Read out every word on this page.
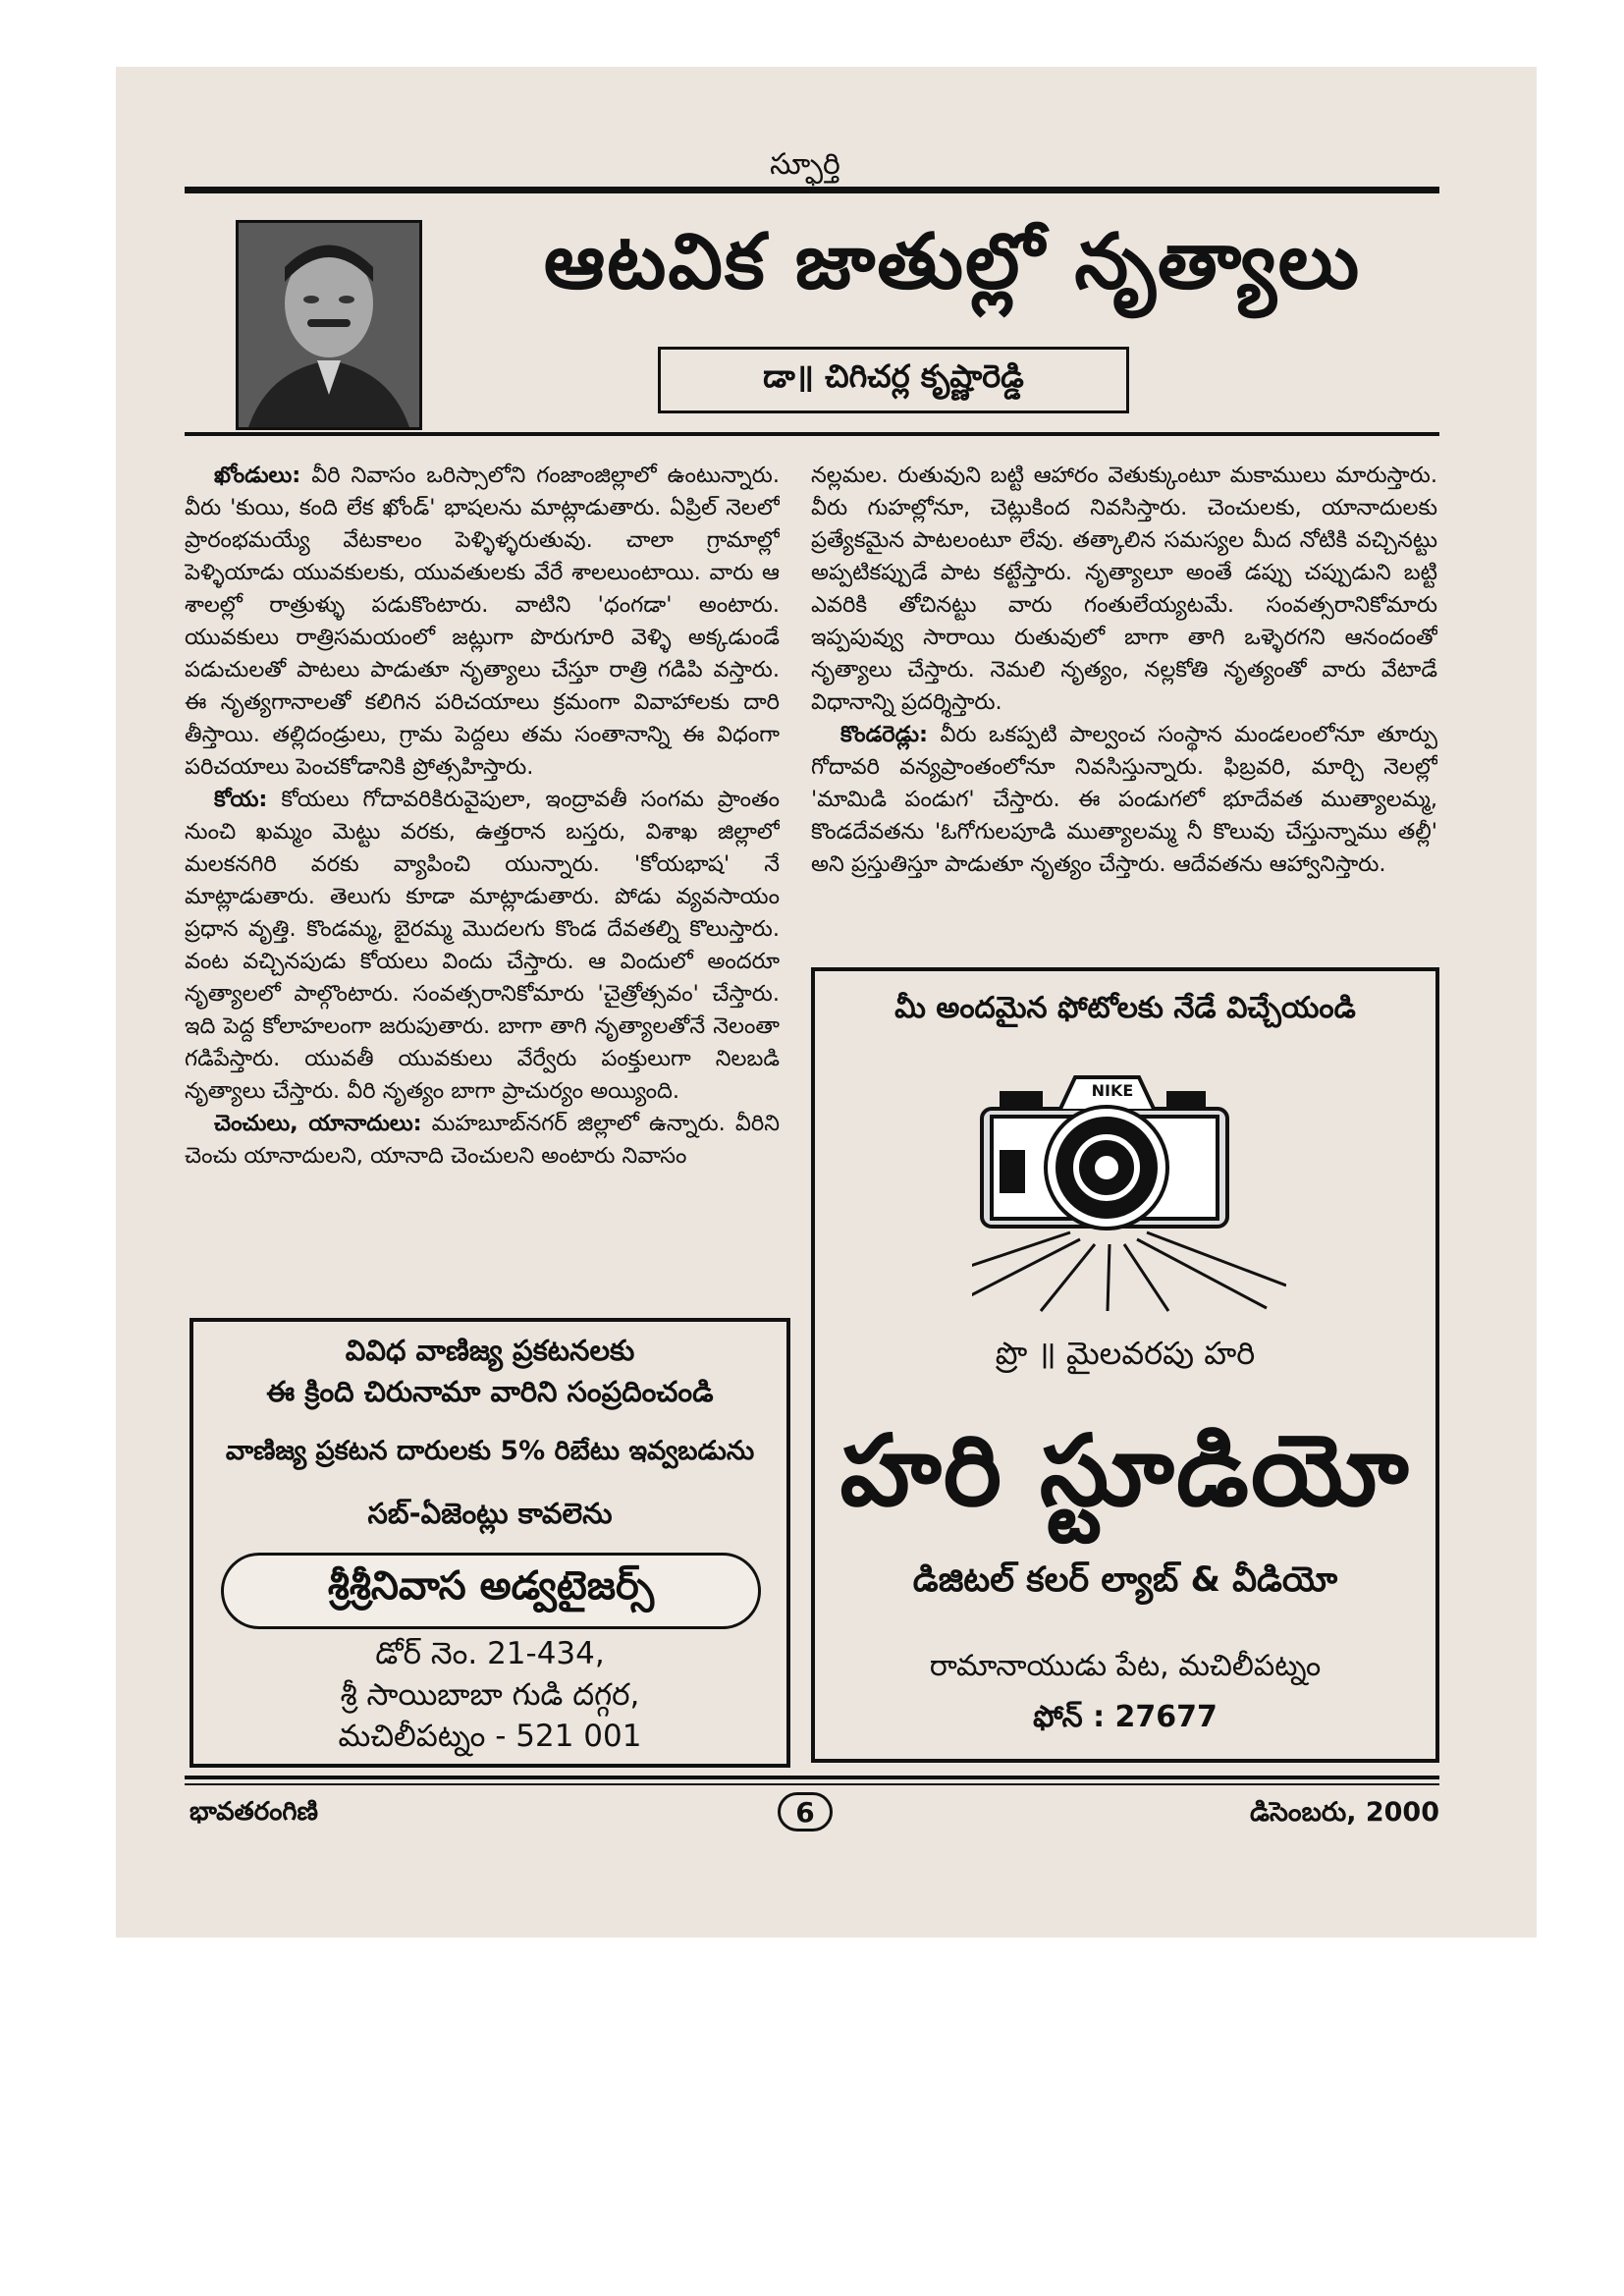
స్ఫూర్తి
ఆటవిక జాతుల్లో నృత్యాలు
డా॥ చిగిచర్ల కృష్ణారెడ్డి

ఖోండులు: వీరి నివాసం ఒరిస్సాలోని గంజాంజిల్లాలో ఉంటున్నారు. వీరు 'కుయి, కంది లేక ఖోండ్' భాషలను మాట్లాడుతారు. ఏప్రిల్ నెలలో ప్రారంభమయ్యే వేటకాలం పెళ్ళిళ్ళరుతువు. చాలా గ్రామాల్లో పెళ్ళియాడు యువకులకు, యువతులకు వేరే శాలలుంటాయి. వారు ఆ శాలల్లో రాత్రుళ్ళు పడుకొంటారు. వాటిని 'ధంగడా' అంటారు. యువకులు రాత్రిసమయంలో జట్లుగా పొరుగూరి వెళ్ళి అక్కడుండే పడుచులతో పాటలు పాడుతూ నృత్యాలు చేస్తూ రాత్రి గడిపి వస్తారు. ఈ నృత్యగానాలతో కలిగిన పరిచయాలు క్రమంగా వివాహాలకు దారి తీస్తాయి. తల్లిదండ్రులు, గ్రామ పెద్దలు తమ సంతానాన్ని ఈ విధంగా పరిచయాలు పెంచకోడానికి ప్రోత్సహిస్తారు.

కోయ: కోయలు గోదావరికిరువైపులా, ఇంద్రావతీ సంగమ ప్రాంతం నుంచి ఖమ్మం మెట్టు వరకు, ఉత్తరాన బస్తరు, విశాఖ జిల్లాలో మలకనగిరి వరకు వ్యాపించి యున్నారు. 'కోయభాష' నే మాట్లాడుతారు. తెలుగు కూడా మాట్లాడుతారు. పోడు వ్యవసాయం ప్రధాన వృత్తి. కొండమ్మ, బైరమ్మ మొదలగు కొండ దేవతల్ని కొలుస్తారు. వంట వచ్చినపుడు కోయలు విందు చేస్తారు. ఆ విందులో అందరూ నృత్యాలలో పాల్గొంటారు. సంవత్సరానికోమారు 'చైత్రోత్సవం' చేస్తారు. ఇది పెద్ద కోలాహలంగా జరుపుతారు. బాగా తాగి నృత్యాలతోనే నెలంతా గడిపేస్తారు. యువతీ యువకులు వేర్వేరు పంక్తులుగా నిలబడి నృత్యాలు చేస్తారు. వీరి నృత్యం బాగా ప్రాచుర్యం అయ్యింది.

చెంచులు, యానాదులు: మహబూబ్‌నగర్ జిల్లాలో ఉన్నారు. వీరిని చెంచు యానాదులని, యానాది చెంచులని అంటారు నివాసం

నల్లమల. రుతువుని బట్టి ఆహారం వెతుక్కుంటూ మకాములు మారుస్తారు. వీరు గుహల్లోనూ, చెట్లుకింద నివసిస్తారు. చెంచులకు, యానాదులకు ప్రత్యేకమైన పాటలంటూ లేవు. తత్కాలిన సమస్యల మీద నోటికి వచ్చినట్టు అప్పటికప్పుడే పాట కట్టేస్తారు. నృత్యాలూ అంతే డప్పు చప్పుడుని బట్టి ఎవరికి తోచినట్టు వారు గంతులేయ్యటమే. సంవత్సరానికోమారు ఇప్పపువ్వు సారాయి రుతువులో బాగా తాగి ఒళ్ళెరగని ఆనందంతో నృత్యాలు చేస్తారు. నెమలి నృత్యం, నల్లకోతి నృత్యంతో వారు వేటాడే విధానాన్ని ప్రదర్శిస్తారు.

కొండరెడ్లు: వీరు ఒకప్పటి పాల్వంచ సంస్థాన మండలంలోనూ తూర్పు గోదావరి వన్యప్రాంతంలోనూ నివసిస్తున్నారు. ఫిబ్రవరి, మార్చి నెలల్లో 'మామిడి పండుగ' చేస్తారు. ఈ పండుగలో భూదేవత ముత్యాలమ్మ, కొండదేవతను 'ఓగోగులపూడి ముత్యాలమ్మ నీ కొలువు చేస్తున్నాము తల్లీ' అని ప్రస్తుతిస్తూ పాడుతూ నృత్యం చేస్తారు. ఆదేవతను ఆహ్వానిస్తారు.

వివిధ వాణిజ్య ప్రకటనలకు
ఈ క్రింది చిరునామా వారిని సంప్రదించండి
వాణిజ్య ప్రకటన దారులకు 5% రిబేటు ఇవ్వబడును
సబ్-ఏజెంట్లు కావలెను
శ్రీశ్రీనివాస అడ్వటైజర్స్
డోర్ నెం. 21-434,
శ్రీ సాయిబాబా గుడి దగ్గర,
మచిలీపట్నం - 521 001
మీ అందమైన ఫోటోలకు నేడే విచ్చేయండి
NIKE
ప్రొ ॥ మైలవరపు హరి
హరి స్టూడియో
డిజిటల్ కలర్ ల్యాబ్ & వీడియో
రామానాయుడు పేట, మచిలీపట్నం
ఫోన్ : 27677
భావతరంగిణి	6	డిసెంబరు, 2000
